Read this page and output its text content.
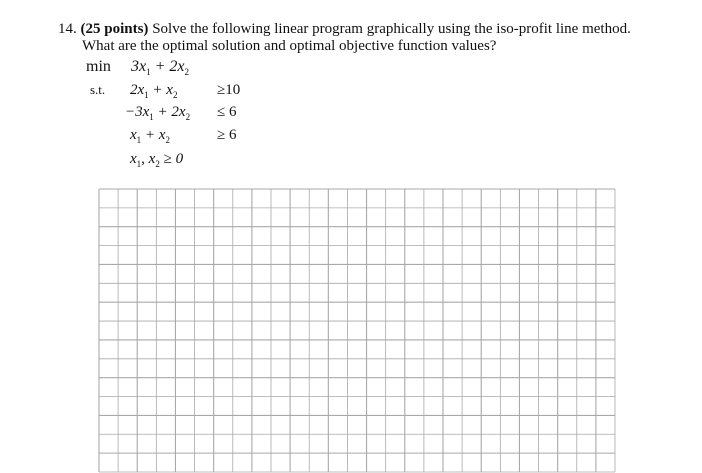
14. (25 points) Solve the following linear program graphically using the iso-profit line method.
What are the optimal solution and optimal objective function values?
$\min 3x_1 + 2x_2$
s.t. $2x_1 + x_2$	≥10
$-3x_1 + 2x_2 \le 6$
$x_1 + x_2$	≥ 6
$x_1$, $x_2 \ge 0$
